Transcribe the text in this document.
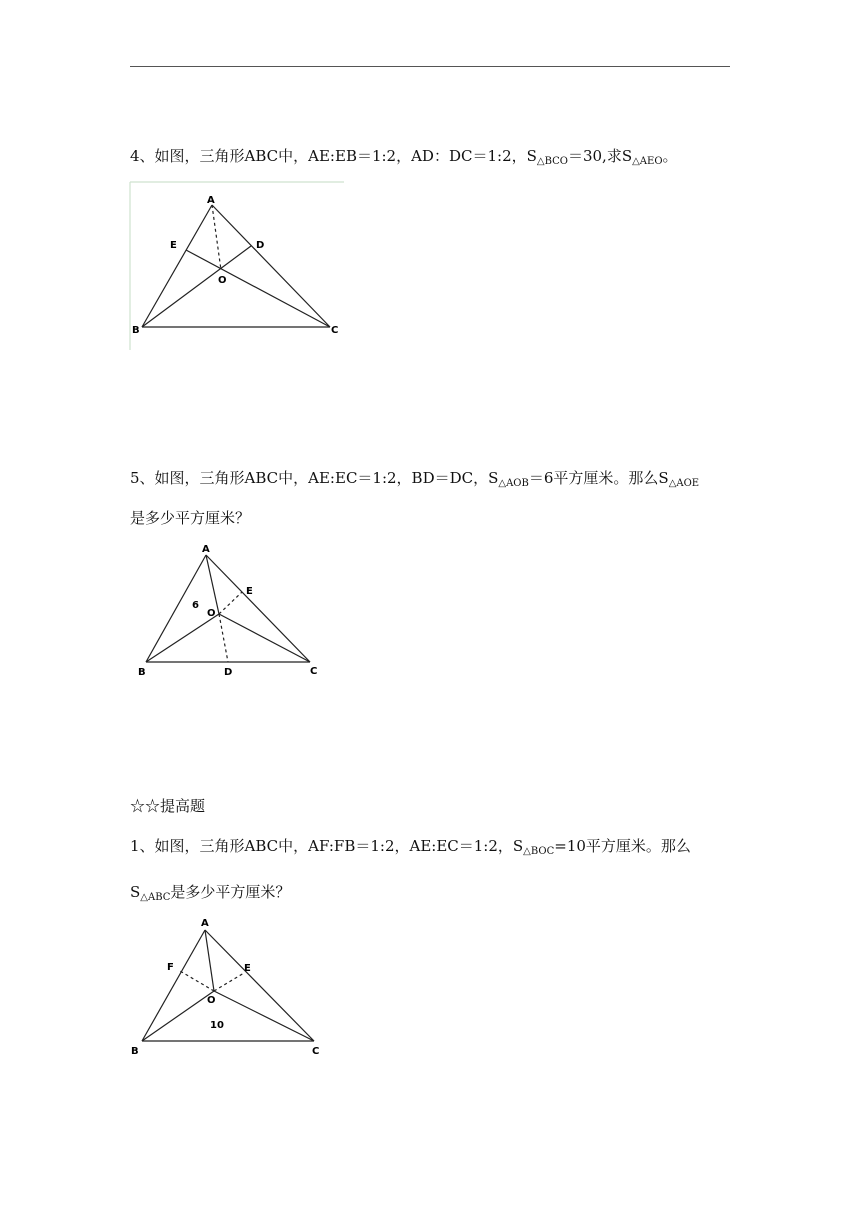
4、如图，三角形ABC中，AE:EB＝1:2，AD：DC＝1:2，$S_{\triangle BCO}=30$,求$S_{\triangle AEO}$。
A
E	D
O
B	C
5、如图，三角形ABC中，AE:EC＝1:2，BD＝DC，$S_{\triangle AOB}=6$平方厘米。那么$S_{\triangle AOE}$
是多少平方厘米？
A
E
6
O
B	D	C
☆☆提高题
1、如图，三角形ABC中，AF:FB＝1:2，AE:EC＝1:2，$S_{\triangle BOC}=10$平方厘米。那么
$S_{\triangle ABC}$是多少平方厘米？
A
F	E
O
10
B	C
